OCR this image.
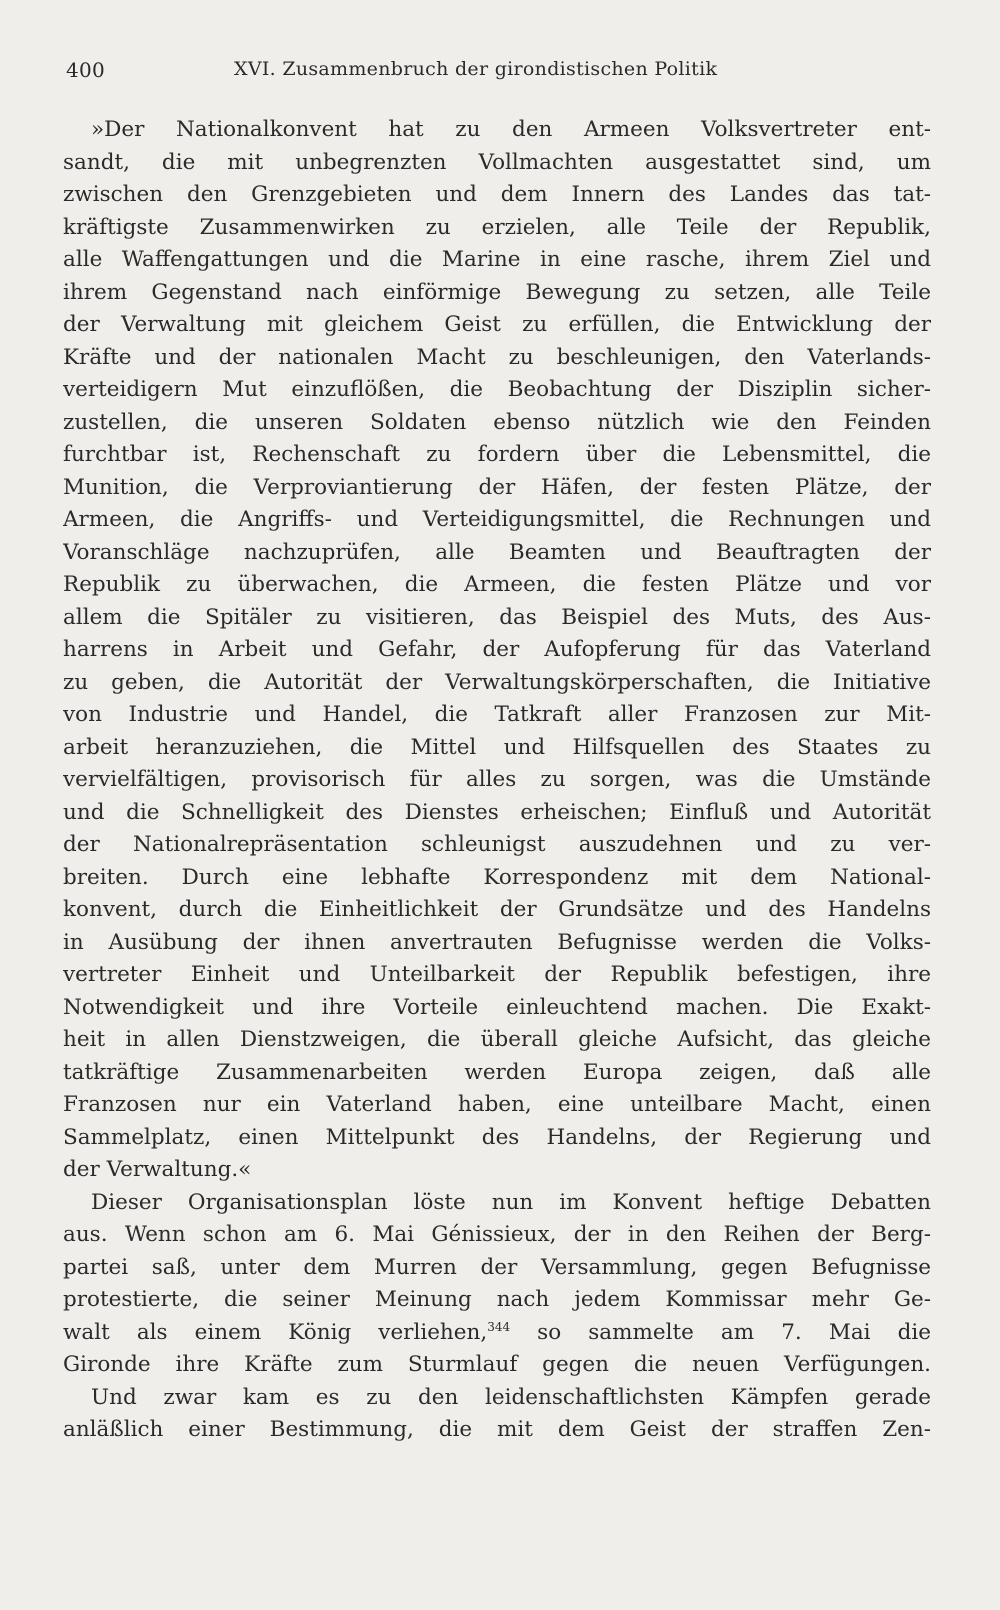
400	XVI. Zusammenbruch der girondistischen Politik
»Der Nationalkonvent hat zu den Armeen Volksvertreter ent-
sandt, die mit unbegrenzten Vollmachten ausgestattet sind, um
zwischen den Grenzgebieten und dem Innern des Landes das tat-
kräftigste Zusammenwirken zu erzielen, alle Teile der Republik,
alle Waffengattungen und die Marine in eine rasche, ihrem Ziel und
ihrem Gegenstand nach einförmige Bewegung zu setzen, alle Teile
der Verwaltung mit gleichem Geist zu erfüllen, die Entwicklung der
Kräfte und der nationalen Macht zu beschleunigen, den Vaterlands-
verteidigern Mut einzuflößen, die Beobachtung der Disziplin sicher-
zustellen, die unseren Soldaten ebenso nützlich wie den Feinden
furchtbar ist, Rechenschaft zu fordern über die Lebensmittel, die
Munition, die Verproviantierung der Häfen, der festen Plätze, der
Armeen, die Angriffs- und Verteidigungsmittel, die Rechnungen und
Voranschläge nachzuprüfen, alle Beamten und Beauftragten der
Republik zu überwachen, die Armeen, die festen Plätze und vor
allem die Spitäler zu visitieren, das Beispiel des Muts, des Aus-
harrens in Arbeit und Gefahr, der Aufopferung für das Vaterland
zu geben, die Autorität der Verwaltungskörperschaften, die Initiative
von Industrie und Handel, die Tatkraft aller Franzosen zur Mit-
arbeit heranzuziehen, die Mittel und Hilfsquellen des Staates zu
vervielfältigen, provisorisch für alles zu sorgen, was die Umstände
und die Schnelligkeit des Dienstes erheischen; Einfluß und Autorität
der Nationalrepräsentation schleunigst auszudehnen und zu ver-
breiten. Durch eine lebhafte Korrespondenz mit dem National-
konvent, durch die Einheitlichkeit der Grundsätze und des Handelns
in Ausübung der ihnen anvertrauten Befugnisse werden die Volks-
vertreter Einheit und Unteilbarkeit der Republik befestigen, ihre
Notwendigkeit und ihre Vorteile einleuchtend machen. Die Exakt-
heit in allen Dienstzweigen, die überall gleiche Aufsicht, das gleiche
tatkräftige Zusammenarbeiten werden Europa zeigen, daß alle
Franzosen nur ein Vaterland haben, eine unteilbare Macht, einen
Sammelplatz, einen Mittelpunkt des Handelns, der Regierung und
der Verwaltung.«
Dieser Organisationsplan löste nun im Konvent heftige Debatten
aus. Wenn schon am 6. Mai Génissieux, der in den Reihen der Berg-
partei saß, unter dem Murren der Versammlung, gegen Befugnisse
protestierte, die seiner Meinung nach jedem Kommissar mehr Ge-
walt als einem König verliehen,$^{344}$ so sammelte am 7. Mai die
Gironde ihre Kräfte zum Sturmlauf gegen die neuen Verfügungen.
Und zwar kam es zu den leidenschaftlichsten Kämpfen gerade
anläßlich einer Bestimmung, die mit dem Geist der straffen Zen-
